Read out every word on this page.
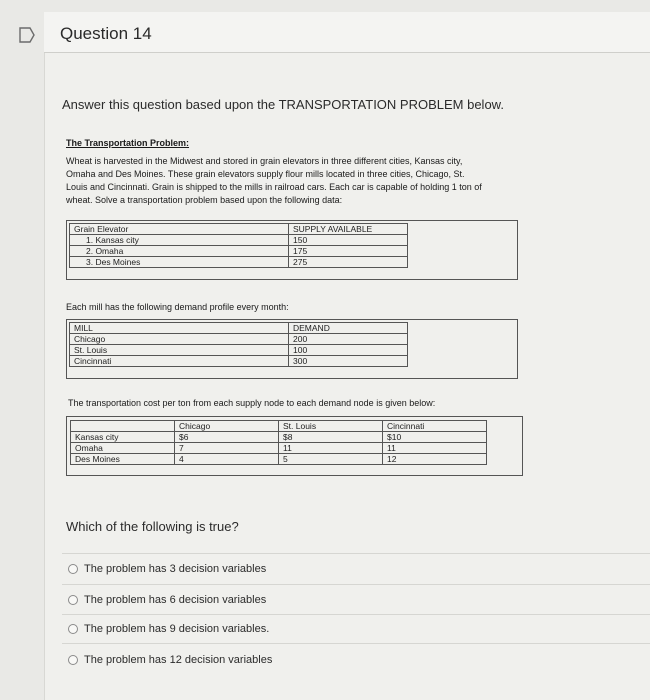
Question 14
Answer this question based upon the TRANSPORTATION PROBLEM below.
The Transportation Problem:
Wheat is harvested in the Midwest and stored in grain elevators in three different cities, Kansas city,
Omaha and Des Moines. These grain elevators supply flour mills located in three cities, Chicago, St.
Louis and Cincinnati. Grain is shipped to the mills in railroad cars. Each car is capable of holding 1 ton of
wheat. Solve a transportation problem based upon the following data:
Grain Elevator	SUPPLY AVAILABLE
1. Kansas city	150
2. Omaha	175
3. Des Moines	275
Each mill has the following demand profile every month:
MILL	DEMAND
Chicago	200
St. Louis	100
Cincinnati	300
The transportation cost per ton from each supply node to each demand node is given below:
	Chicago	St. Louis	Cincinnati
Kansas city	$6	$8	$10
Omaha	7	11	11
Des Moines	4	5	12
Which of the following is true?
The problem has 3 decision variables
The problem has 6 decision variables
The problem has 9 decision variables.
The problem has 12 decision variables
